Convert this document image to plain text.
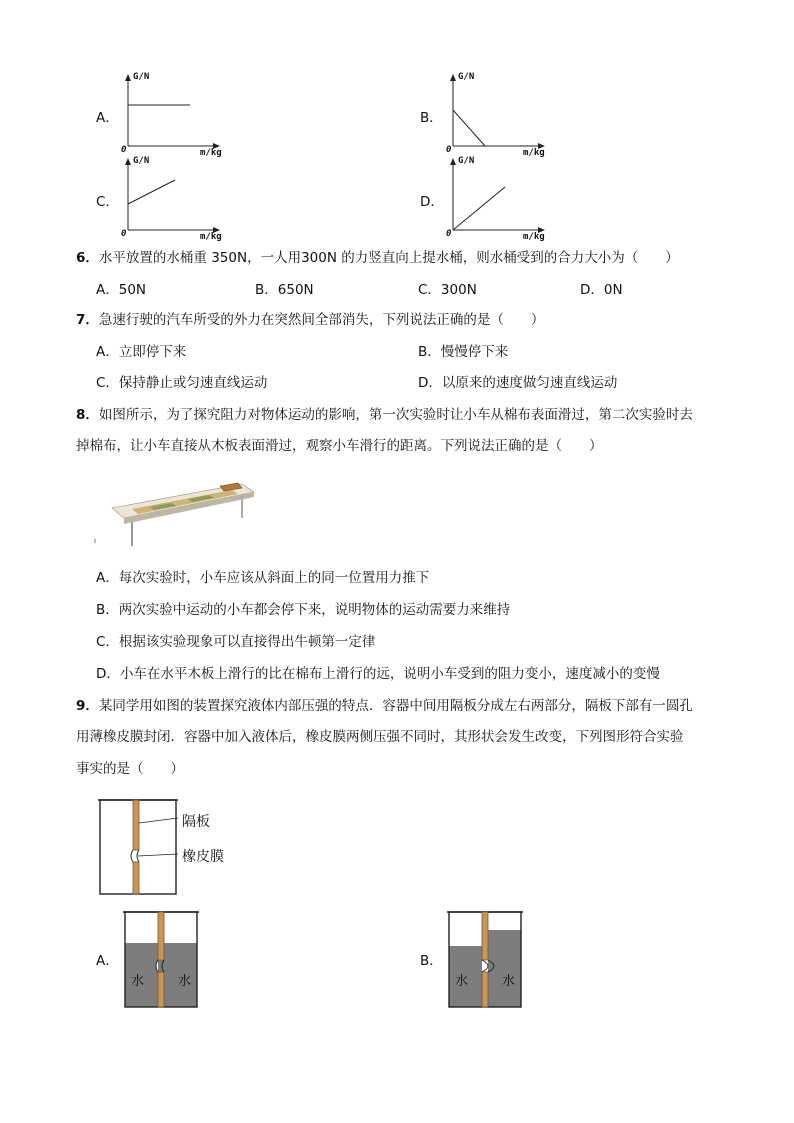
A．
G/N
0	m/kg
B．
G/N
0	m/kg
C．
G/N
0	m/kg
D．
G/N
0	m/kg
6．水平放置的水桶重 350N，一人用300N 的力竖直向上提水桶，则水桶受到的合力大小为（　　）
A．50N	B．650N	C．300N	D．0N
7．急速行驶的汽车所受的外力在突然间全部消失，下列说法正确的是（　　）
A．立即停下来	B．慢慢停下来
C．保持静止或匀速直线运动	D．以原来的速度做匀速直线运动
8．如图所示，为了探究阻力对物体运动的影响，第一次实验时让小车从棉布表面滑过，第二次实验时去
掉棉布，让小车直接从木板表面滑过，观察小车滑行的距离。下列说法正确的是（　　）
A．每次实验时，小车应该从斜面上的同一位置用力推下
B．两次实验中运动的小车都会停下来，说明物体的运动需要力来维持
C．根据该实验现象可以直接得出牛顿第一定律
D．小车在水平木板上滑行的比在棉布上滑行的远，说明小车受到的阻力变小，速度减小的变慢
9．某同学用如图的装置探究液体内部压强的特点．容器中间用隔板分成左右两部分，隔板下部有一圆孔
用薄橡皮膜封闭．容器中加入液体后，橡皮膜两侧压强不同时，其形状会发生改变，下列图形符合实验
事实的是（　　）
隔板
橡皮膜
A．
水	水
B．
水	水
